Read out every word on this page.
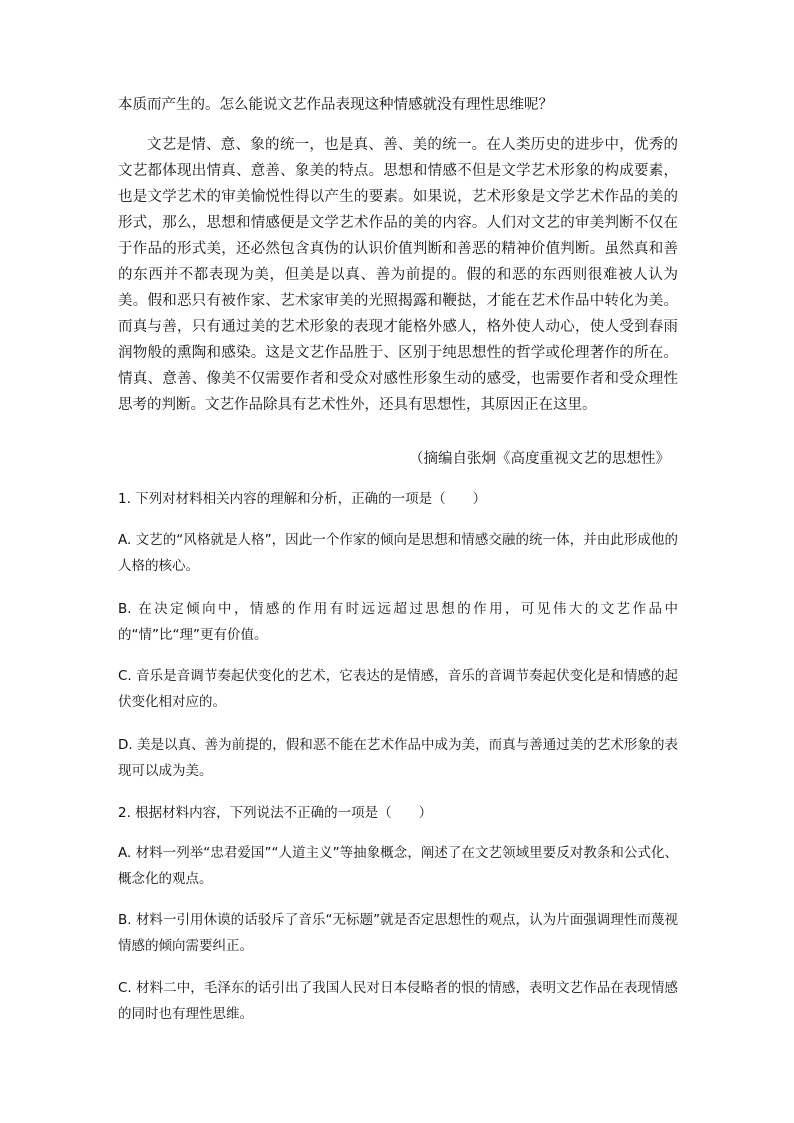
本质而产生的。怎么能说文艺作品表现这种情感就没有理性思维呢？

文艺是情、意、象的统一，也是真、善、美的统一。在人类历史的进步中，优秀的文艺都体现出情真、意善、象美的特点。思想和情感不但是文学艺术形象的构成要素，也是文学艺术的审美愉悦性得以产生的要素。如果说，艺术形象是文学艺术作品的美的形式，那么，思想和情感便是文学艺术作品的美的内容。人们对文艺的审美判断不仅在于作品的形式美，还必然包含真伪的认识价值判断和善恶的精神价值判断。虽然真和善的东西并不都表现为美，但美是以真、善为前提的。假的和恶的东西则很难被人认为美。假和恶只有被作家、艺术家审美的光照揭露和鞭挞，才能在艺术作品中转化为美。而真与善，只有通过美的艺术形象的表现才能格外感人，格外使人动心，使人受到春雨润物般的熏陶和感染。这是文艺作品胜于、区别于纯思想性的哲学或伦理著作的所在。情真、意善、像美不仅需要作者和受众对感性形象生动的感受，也需要作者和受众理性思考的判断。文艺作品除具有艺术性外，还具有思想性，其原因正在这里。

（摘编自张炯《高度重视文艺的思想性》

1. 下列对材料相关内容的理解和分析，正确的一项是（　　）

A. 文艺的“风格就是人格”，因此一个作家的倾向是思想和情感交融的统一体，并由此形成他的人格的核心。

B. 在决定倾向中，情感的作用有时远远超过思想的作用，可见伟大的文艺作品中的“情”比“理”更有价值。

C. 音乐是音调节奏起伏变化的艺术，它表达的是情感，音乐的音调节奏起伏变化是和情感的起伏变化相对应的。

D. 美是以真、善为前提的，假和恶不能在艺术作品中成为美，而真与善通过美的艺术形象的表现可以成为美。

2. 根据材料内容，下列说法不正确的一项是（　　）

A. 材料一列举“忠君爱国”“人道主义”等抽象概念，阐述了在文艺领域里要反对教条和公式化、概念化的观点。

B. 材料一引用休谟的话驳斥了音乐“无标题”就是否定思想性的观点，认为片面强调理性而蔑视情感的倾向需要纠正。

C. 材料二中，毛泽东的话引出了我国人民对日本侵略者的恨的情感，表明文艺作品在表现情感的同时也有理性思维。
